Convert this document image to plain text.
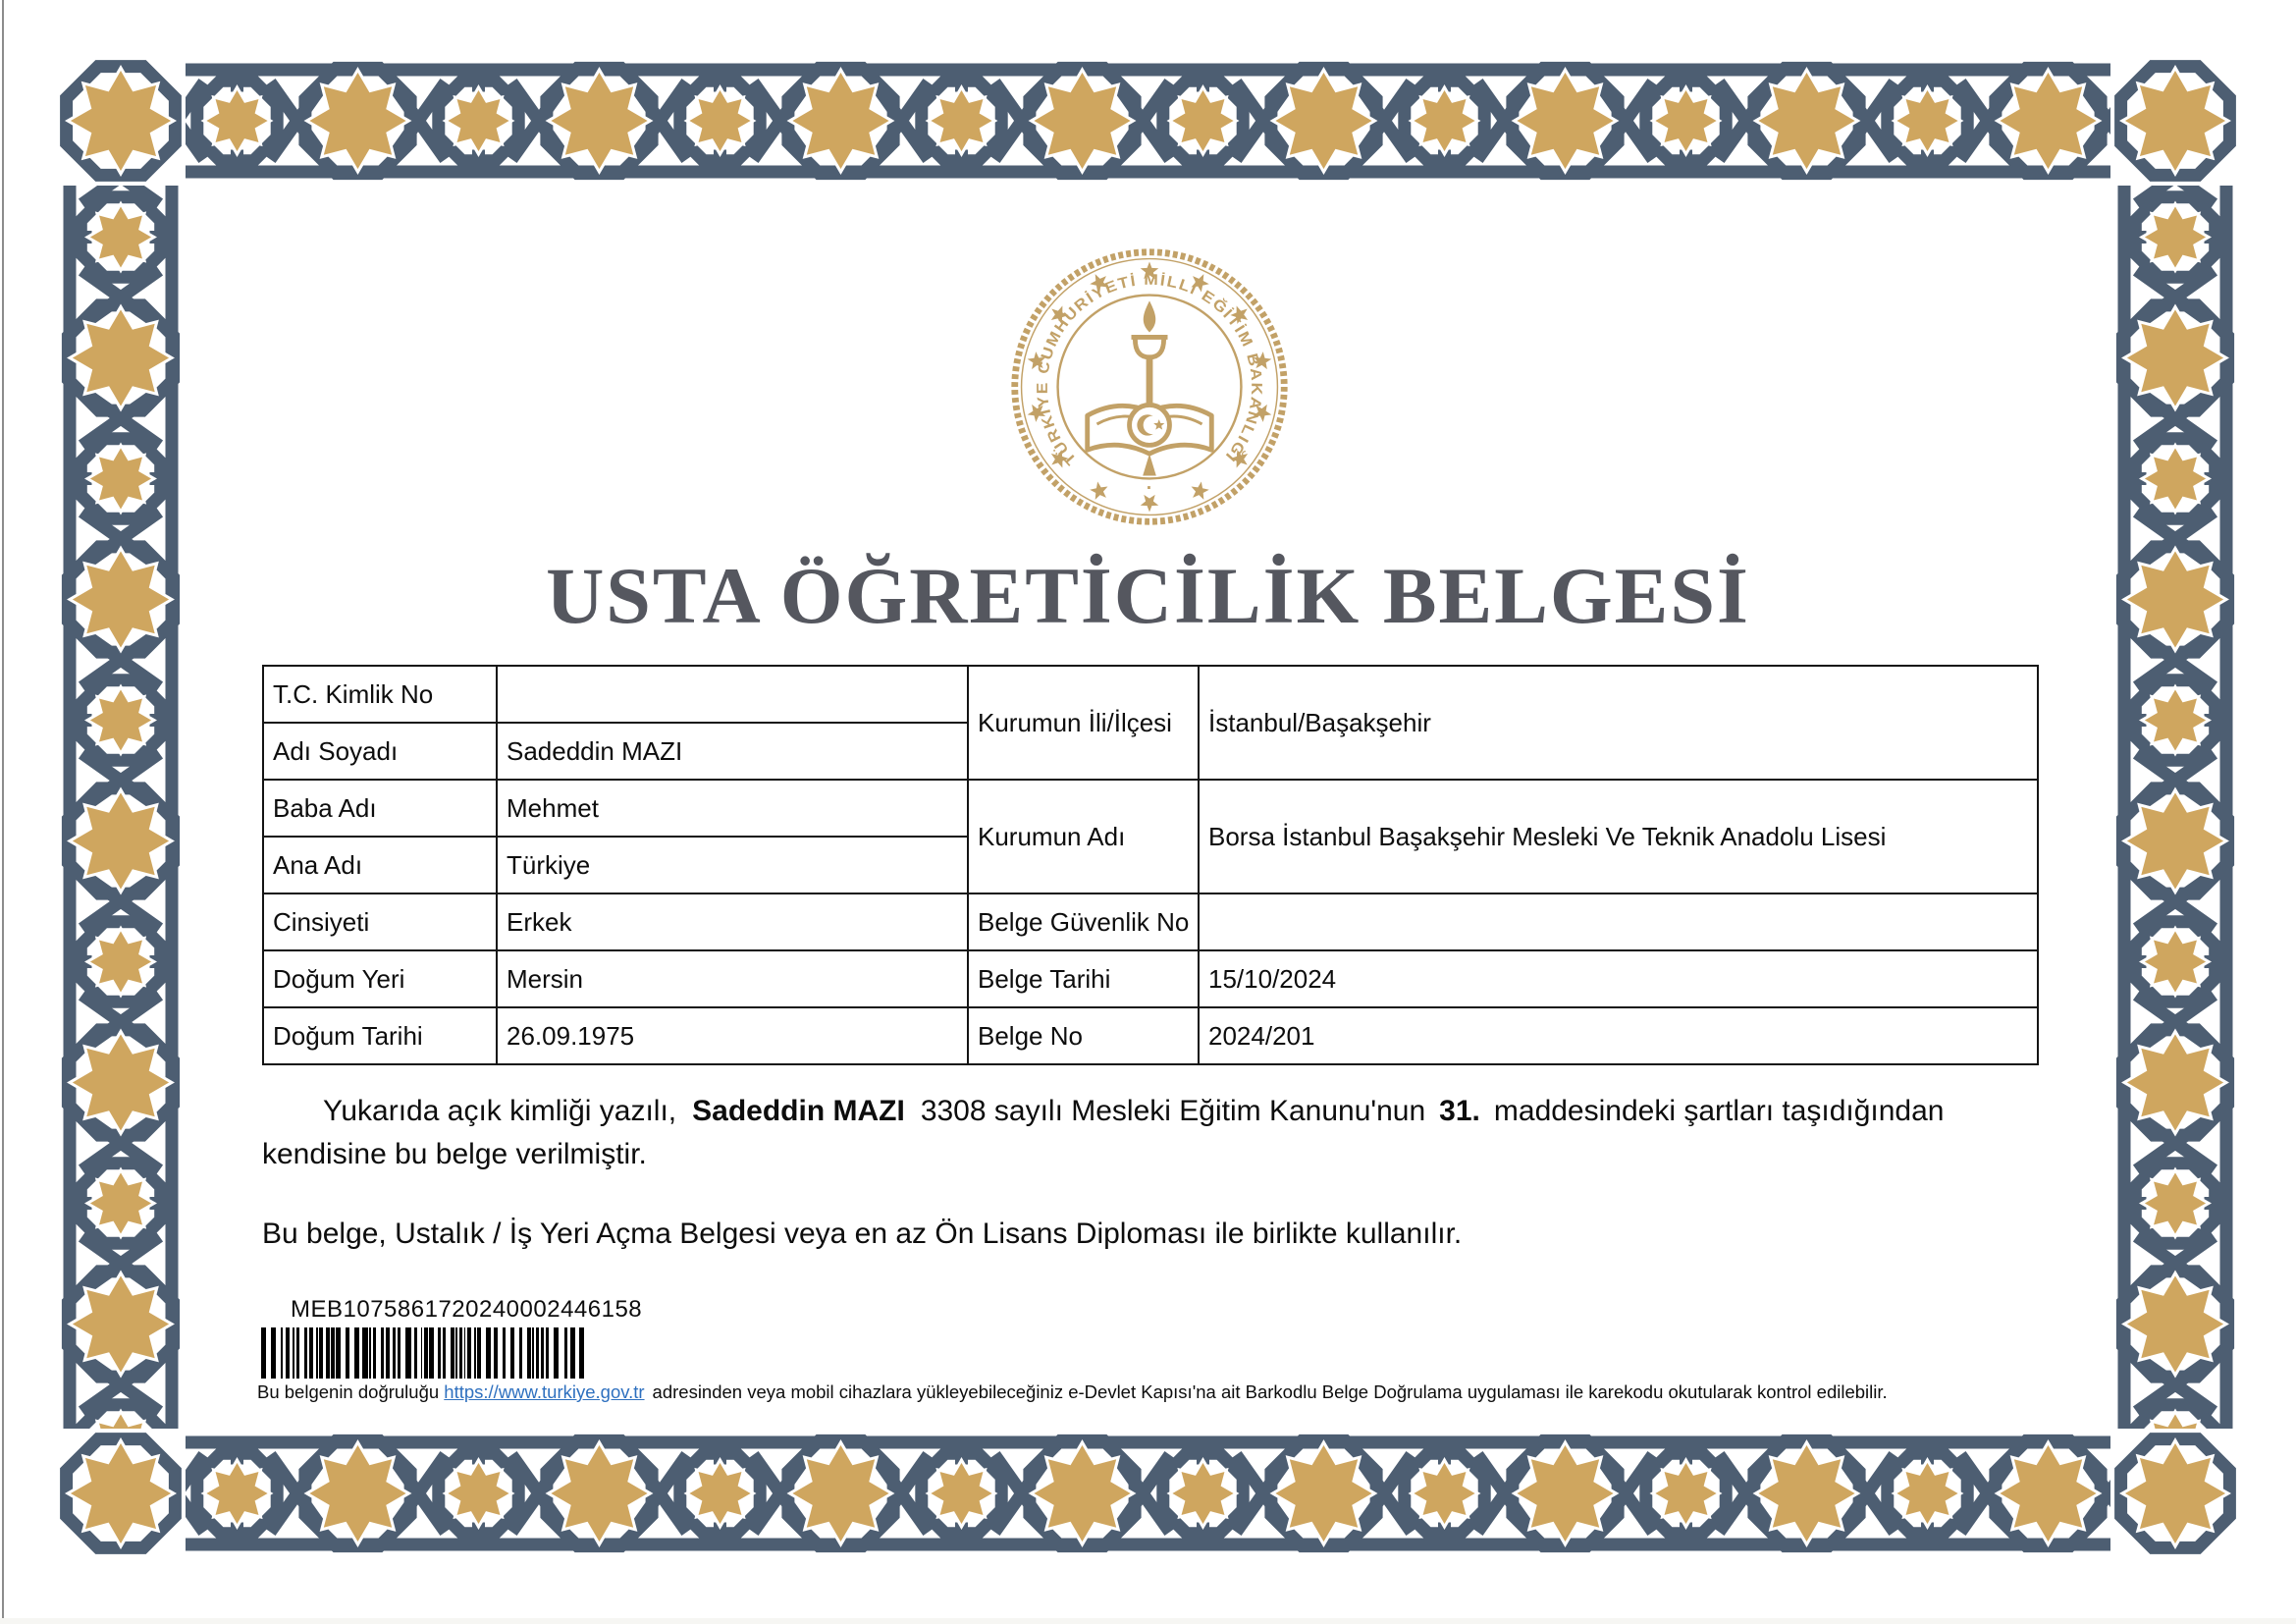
TÜRKİYE CUMHURİYETİ MİLLİ EĞİTİM BAKANLIĞI
·
USTA ÖĞRETİCİLİK BELGESİ
T.C. Kimlik No		Kurumun İli/İlçesi	İstanbul/Başakşehir
Adı Soyadı	Sadeddin MAZI		
Baba Adı	Mehmet	Kurumun Adı	Borsa İstanbul Başakşehir Mesleki Ve Teknik Anadolu Lisesi
Ana Adı	Türkiye		
Cinsiyeti	Erkek	Belge Güvenlik No	
Doğum Yeri	Mersin	Belge Tarihi	15/10/2024
Doğum Tarihi	26.09.1975	Belge No	2024/201
Yukarıda açık kimliği yazılı, Sadeddin MAZI 3308 sayılı Mesleki Eğitim Kanunu'nun 31. maddesindeki şartları taşıdığından kendisine bu belge verilmiştir.
Bu belge, Ustalık / İş Yeri Açma Belgesi veya en az Ön Lisans Diploması ile birlikte kullanılır.
MEB1075861720240002446158
Bu belgenin doğruluğu https://www.turkiye.gov.tr adresinden veya mobil cihazlara yükleyebileceğiniz e-Devlet Kapısı'na ait Barkodlu Belge Doğrulama uygulaması ile karekodu okutularak kontrol edilebilir.
